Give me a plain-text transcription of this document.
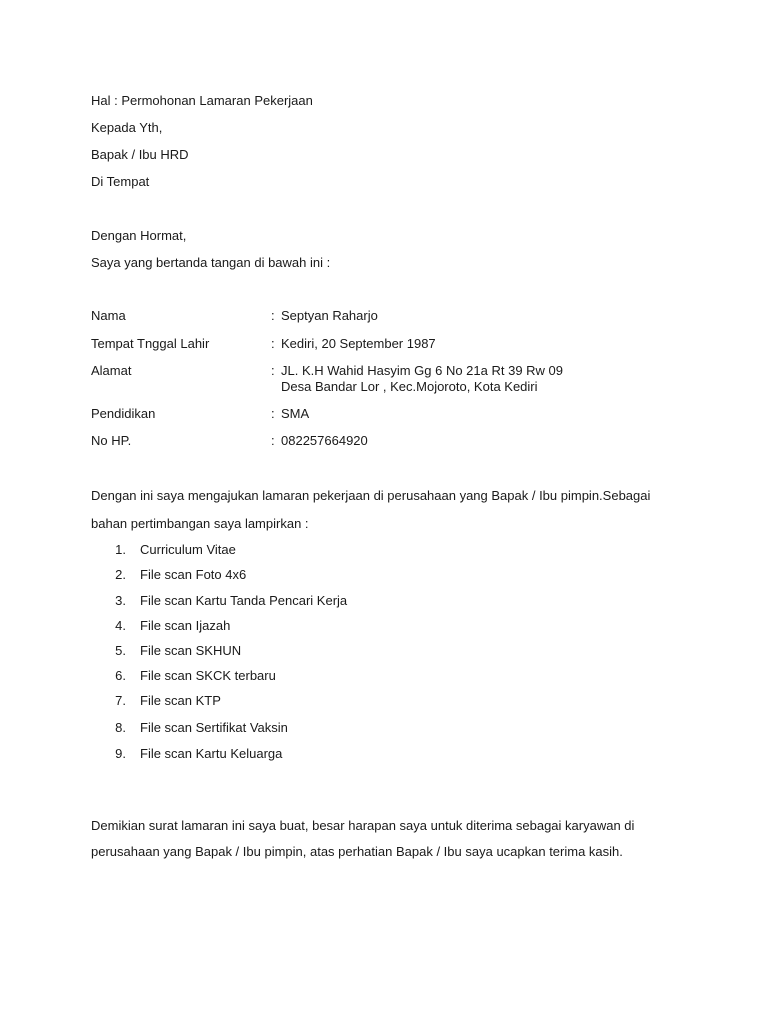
Hal : Permohonan Lamaran Pekerjaan
Kepada Yth,
Bapak / Ibu HRD
Di Tempat
Dengan Hormat,
Saya yang bertanda tangan di bawah ini :
Nama	: Septyan Raharjo
Tempat Tnggal Lahir	: Kediri, 20 September 1987
Alamat	: JL. K.H Wahid Hasyim Gg 6 No 21a Rt 39 Rw 09
Desa Bandar Lor , Kec.Mojoroto, Kota Kediri
Pendidikan	: SMA
No HP.	: 082257664920
Dengan ini saya mengajukan lamaran pekerjaan di perusahaan yang Bapak / Ibu pimpin.Sebagai
bahan pertimbangan saya lampirkan :
1. Curriculum Vitae
2. File scan Foto 4x6
3. File scan Kartu Tanda Pencari Kerja
4. File scan Ijazah
5. File scan SKHUN
6. File scan SKCK terbaru
7. File scan KTP
8. File scan Sertifikat Vaksin
9. File scan Kartu Keluarga
Demikian surat lamaran ini saya buat, besar harapan saya untuk diterima sebagai karyawan di
perusahaan yang Bapak / Ibu pimpin, atas perhatian Bapak / Ibu saya ucapkan terima kasih.
